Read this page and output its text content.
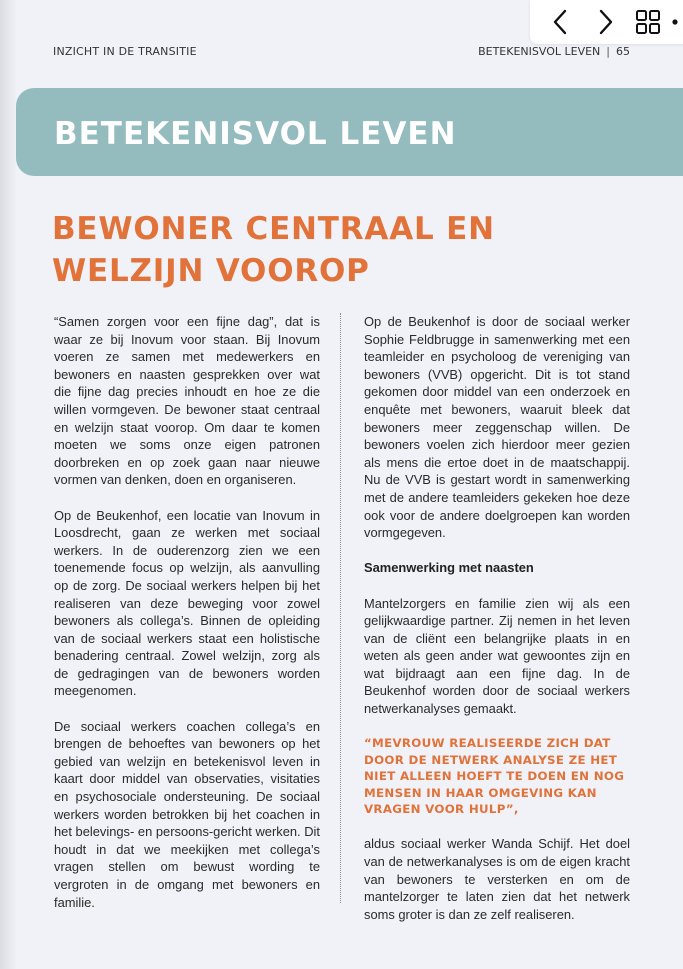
INZICHT IN DE TRANSITIE	BETEKENISVOL LEVEN | 65
BETEKENISVOL LEVEN
BEWONER CENTRAAL EN
WELZIJN VOOROP

“Samen zorgen voor een fijne dag”, dat is waar ze bij Inovum voor staan. Bij Inovum voeren ze samen met medewerkers en bewoners en naasten gesprekken over wat die fijne dag precies inhoudt en hoe ze die willen vormgeven. De bewoner staat centraal en welzijn staat voorop. Om daar te komen moeten we soms onze eigen patronen doorbreken en op zoek gaan naar nieuwe vormen van denken, doen en organiseren.

Op de Beukenhof, een locatie van Inovum in Loosdrecht, gaan ze werken met sociaal werkers. In de ouderenzorg zien we een toenemende focus op welzijn, als aanvulling op de zorg. De sociaal werkers helpen bij het realiseren van deze beweging voor zowel bewoners als collega’s. Binnen de opleiding van de sociaal werkers staat een holistische benadering centraal. Zowel welzijn, zorg als de gedragingen van de bewoners worden meegenomen.

De sociaal werkers coachen collega’s en brengen de behoeftes van bewoners op het gebied van welzijn en betekenisvol leven in kaart door middel van observaties, visitaties en psychosociale ondersteuning. De sociaal werkers worden betrokken bij het coachen in het belevings- en persoons-gericht werken. Dit houdt in dat we meekijken met collega’s vragen stellen om bewust wording te vergroten in de omgang met bewoners en familie.

Op de Beukenhof is door de sociaal werker Sophie Feldbrugge in samenwerking met een teamleider en psycholoog de vereniging van bewoners (VVB) opgericht. Dit is tot stand gekomen door middel van een onderzoek en enquête met bewoners, waaruit bleek dat bewoners meer zeggenschap willen. De bewoners voelen zich hierdoor meer gezien als mens die ertoe doet in de maatschappij. Nu de VVB is gestart wordt in samenwerking met de andere teamleiders gekeken hoe deze ook voor de andere doelgroepen kan worden vormgegeven.

Samenwerking met naasten

Mantelzorgers en familie zien wij als een gelijkwaardige partner. Zij nemen in het leven van de cliënt een belangrijke plaats in en weten als geen ander wat gewoontes zijn en wat bijdraagt aan een fijne dag. In de Beukenhof worden door de sociaal werkers netwerkanalyses gemaakt.

“MEVROUW REALISEERDE ZICH DAT DOOR DE NETWERK ANALYSE ZE HET NIET ALLEEN HOEFT TE DOEN EN NOG MENSEN IN HAAR OMGEVING KAN VRAGEN VOOR HULP”,

aldus sociaal werker Wanda Schijf. Het doel van de netwerkanalyses is om de eigen kracht van bewoners te versterken en om de mantelzorger te laten zien dat het netwerk soms groter is dan ze zelf realiseren.
